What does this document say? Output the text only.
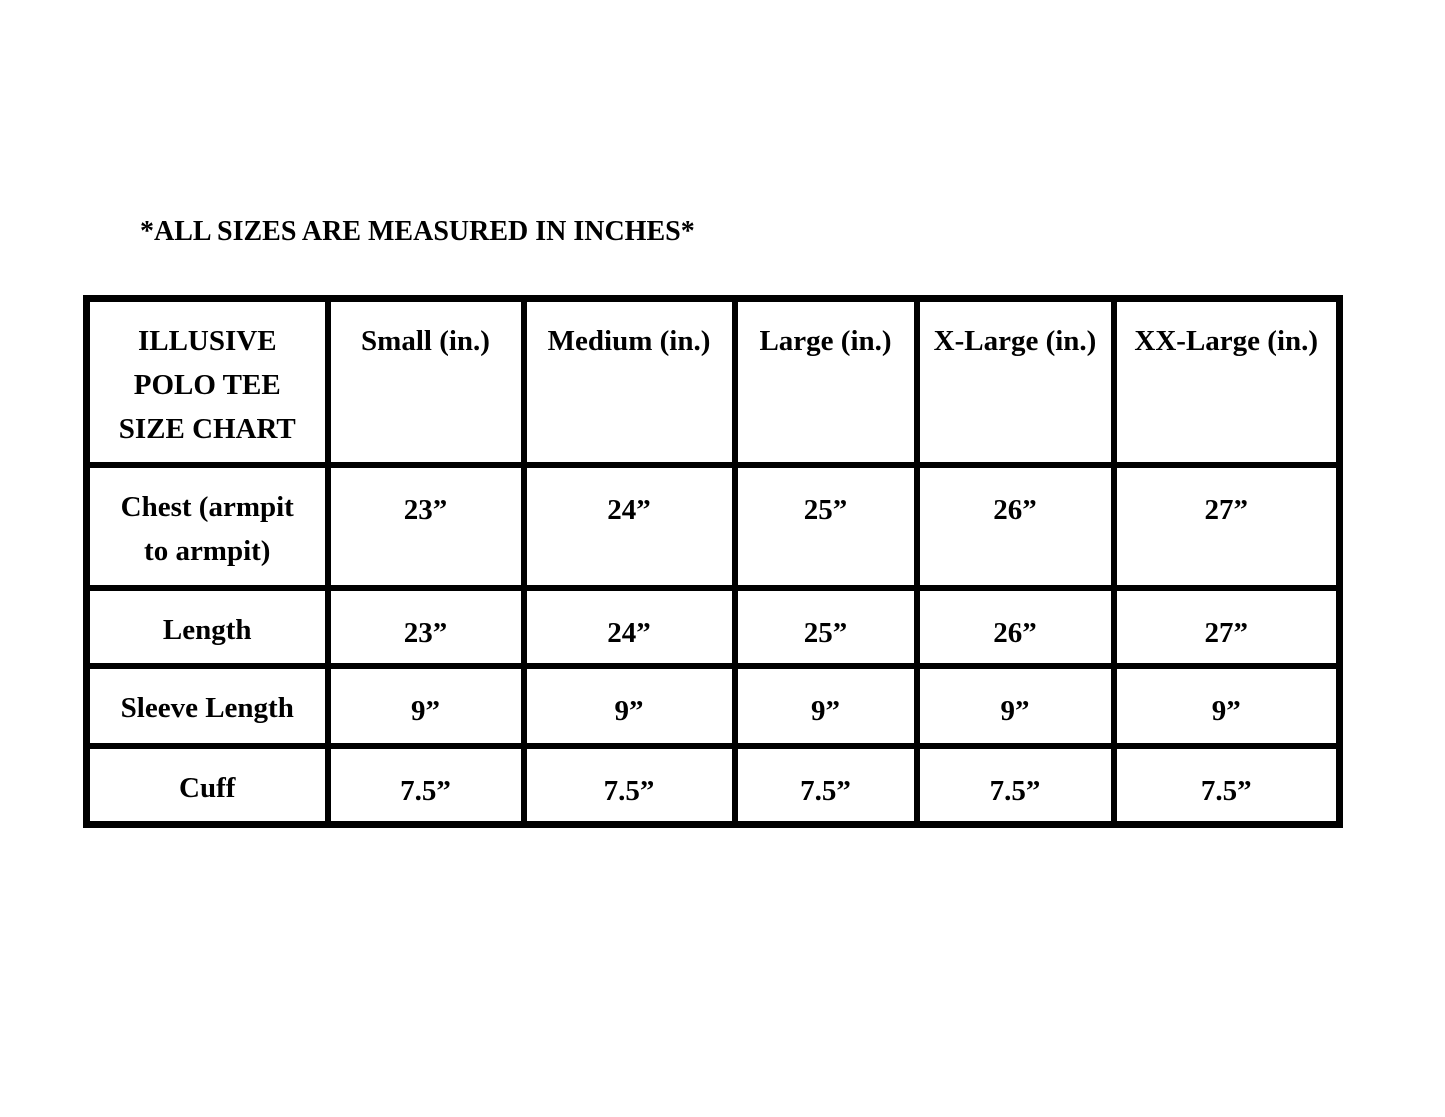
*ALL SIZES ARE MEASURED IN INCHES*
ILLUSIVE
POLO TEE
SIZE CHART	Small (in.)	Medium (in.)	Large (in.)	X-Large (in.)	XX-Large (in.)

Chest (armpit
to armpit)	23”	24”	25”	26”	27”
Length	23”	24”	25”	26”	27”
Sleeve Length	9”	9”	9”	9”	9”
Cuff	7.5”	7.5”	7.5”	7.5”	7.5”
